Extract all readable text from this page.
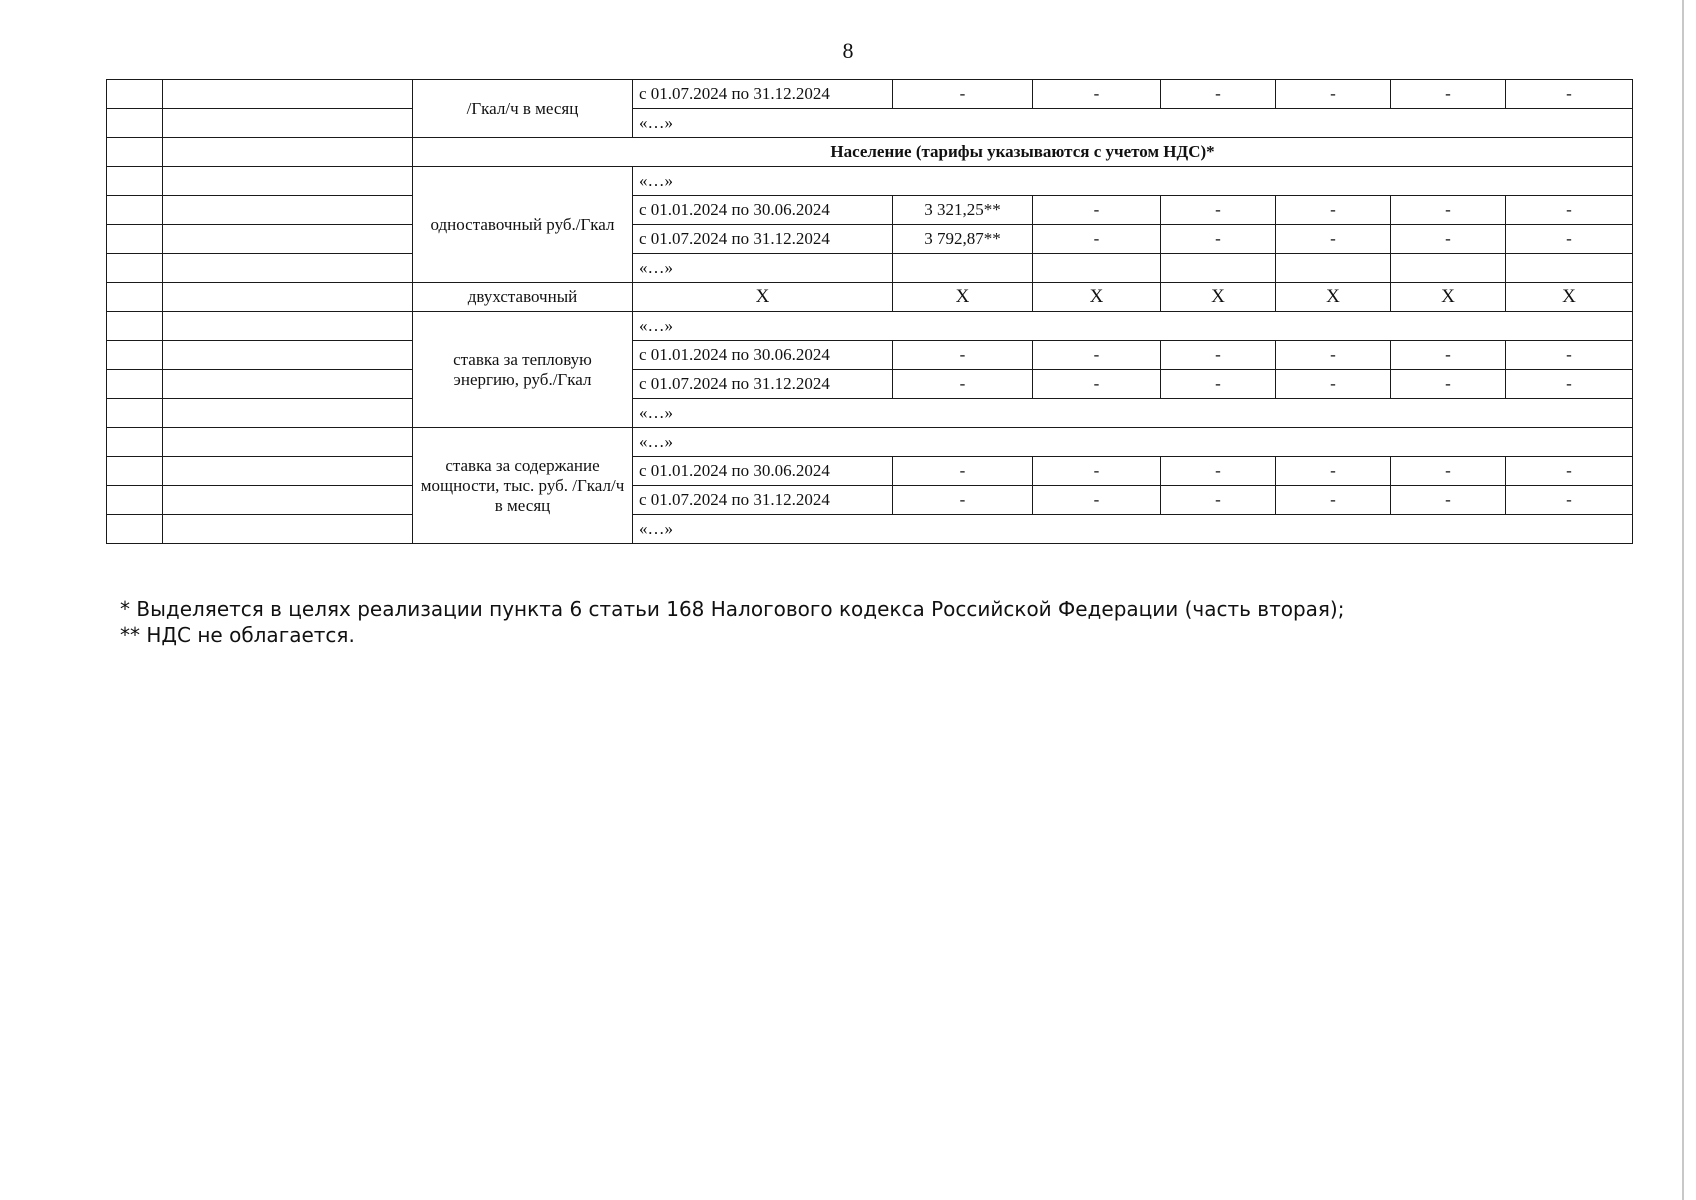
8
		/Гкал/ч в месяц	с 01.07.2024 по 31.12.2024	-	-	-	-	-	-
			«…»						
		Население (тарифы указываются с учетом НДС)*							
		одноставочный руб./Гкал	«…»						
			с 01.01.2024 по 30.06.2024	3 321,25**	-	-	-	-	-
			с 01.07.2024 по 31.12.2024	3 792,87**	-	-	-	-	-
			«…»						
		двухставочный	X	X	X	X	X	X	X
		ставка за тепловую энергию, руб./Гкал	«…»						
			с 01.01.2024 по 30.06.2024	-	-	-	-	-	-
			с 01.07.2024 по 31.12.2024	-	-	-	-	-	-
			«…»						
		ставка за содержание мощности, тыс. руб. /Гкал/ч в месяц	«…»						
			с 01.01.2024 по 30.06.2024	-	-	-	-	-	-
			с 01.07.2024 по 31.12.2024	-	-	-	-	-	-
			«…»						

* Выделяется в целях реализации пункта 6 статьи 168 Налогового кодекса Российской Федерации (часть вторая);

** НДС не облагается.
